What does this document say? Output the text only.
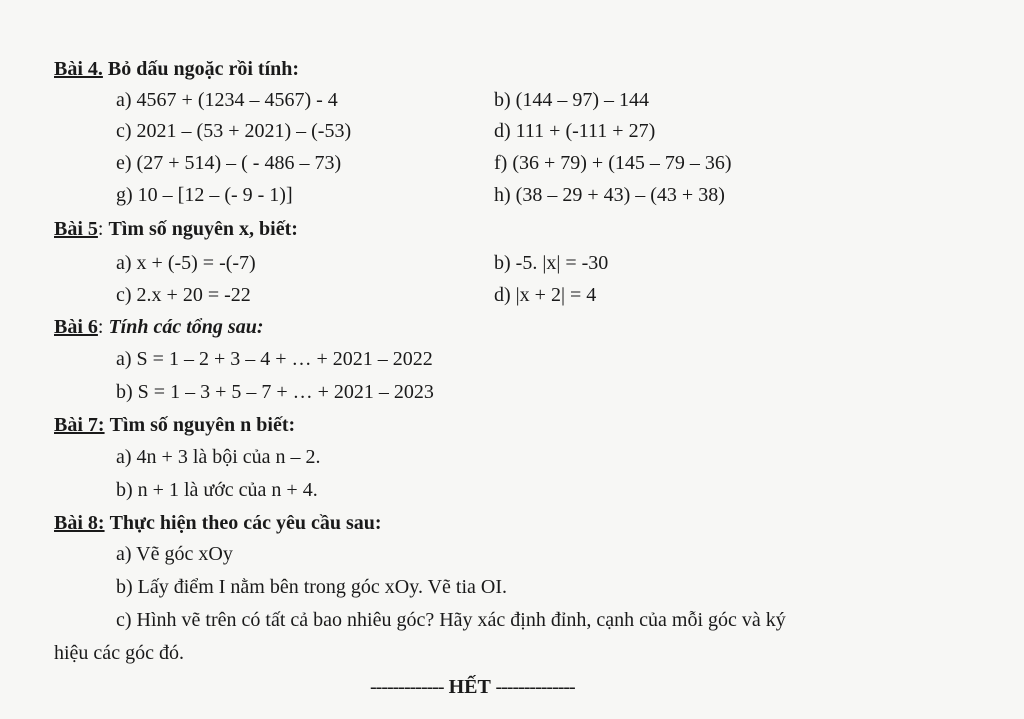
Bài 4. Bỏ dấu ngoặc rồi tính:
a) 4567 + (1234 – 4567) - 4	b) (144 – 97) – 144
c) 2021 – (53 + 2021) – (-53)	d) 111 + (-111 + 27)
e) (27 + 514) – ( - 486 – 73)	f) (36 + 79) + (145 – 79 – 36)
g) 10 – [12 – (- 9 - 1)]	h) (38 – 29 + 43) – (43 + 38)
Bài 5: Tìm số nguyên x, biết:
a) x + (-5) = -(-7)	b) -5. |x| = -30
c) 2.x + 20 = -22	d) |x + 2| = 4
Bài 6: Tính các tổng sau:
a) S = 1 – 2 + 3 – 4 + … + 2021 – 2022
b) S = 1 – 3 + 5 – 7 + … + 2021 – 2023
Bài 7: Tìm số nguyên n biết:
a) 4n + 3 là bội của n – 2.
b) n + 1 là ước của n + 4.
Bài 8: Thực hiện theo các yêu cầu sau:
a) Vẽ góc xOy
b) Lấy điểm I nằm bên trong góc xOy. Vẽ tia OI.
c) Hình vẽ trên có tất cả bao nhiêu góc? Hãy xác định đỉnh, cạnh của mỗi góc và ký
hiệu các góc đó.
------------- HẾT --------------
